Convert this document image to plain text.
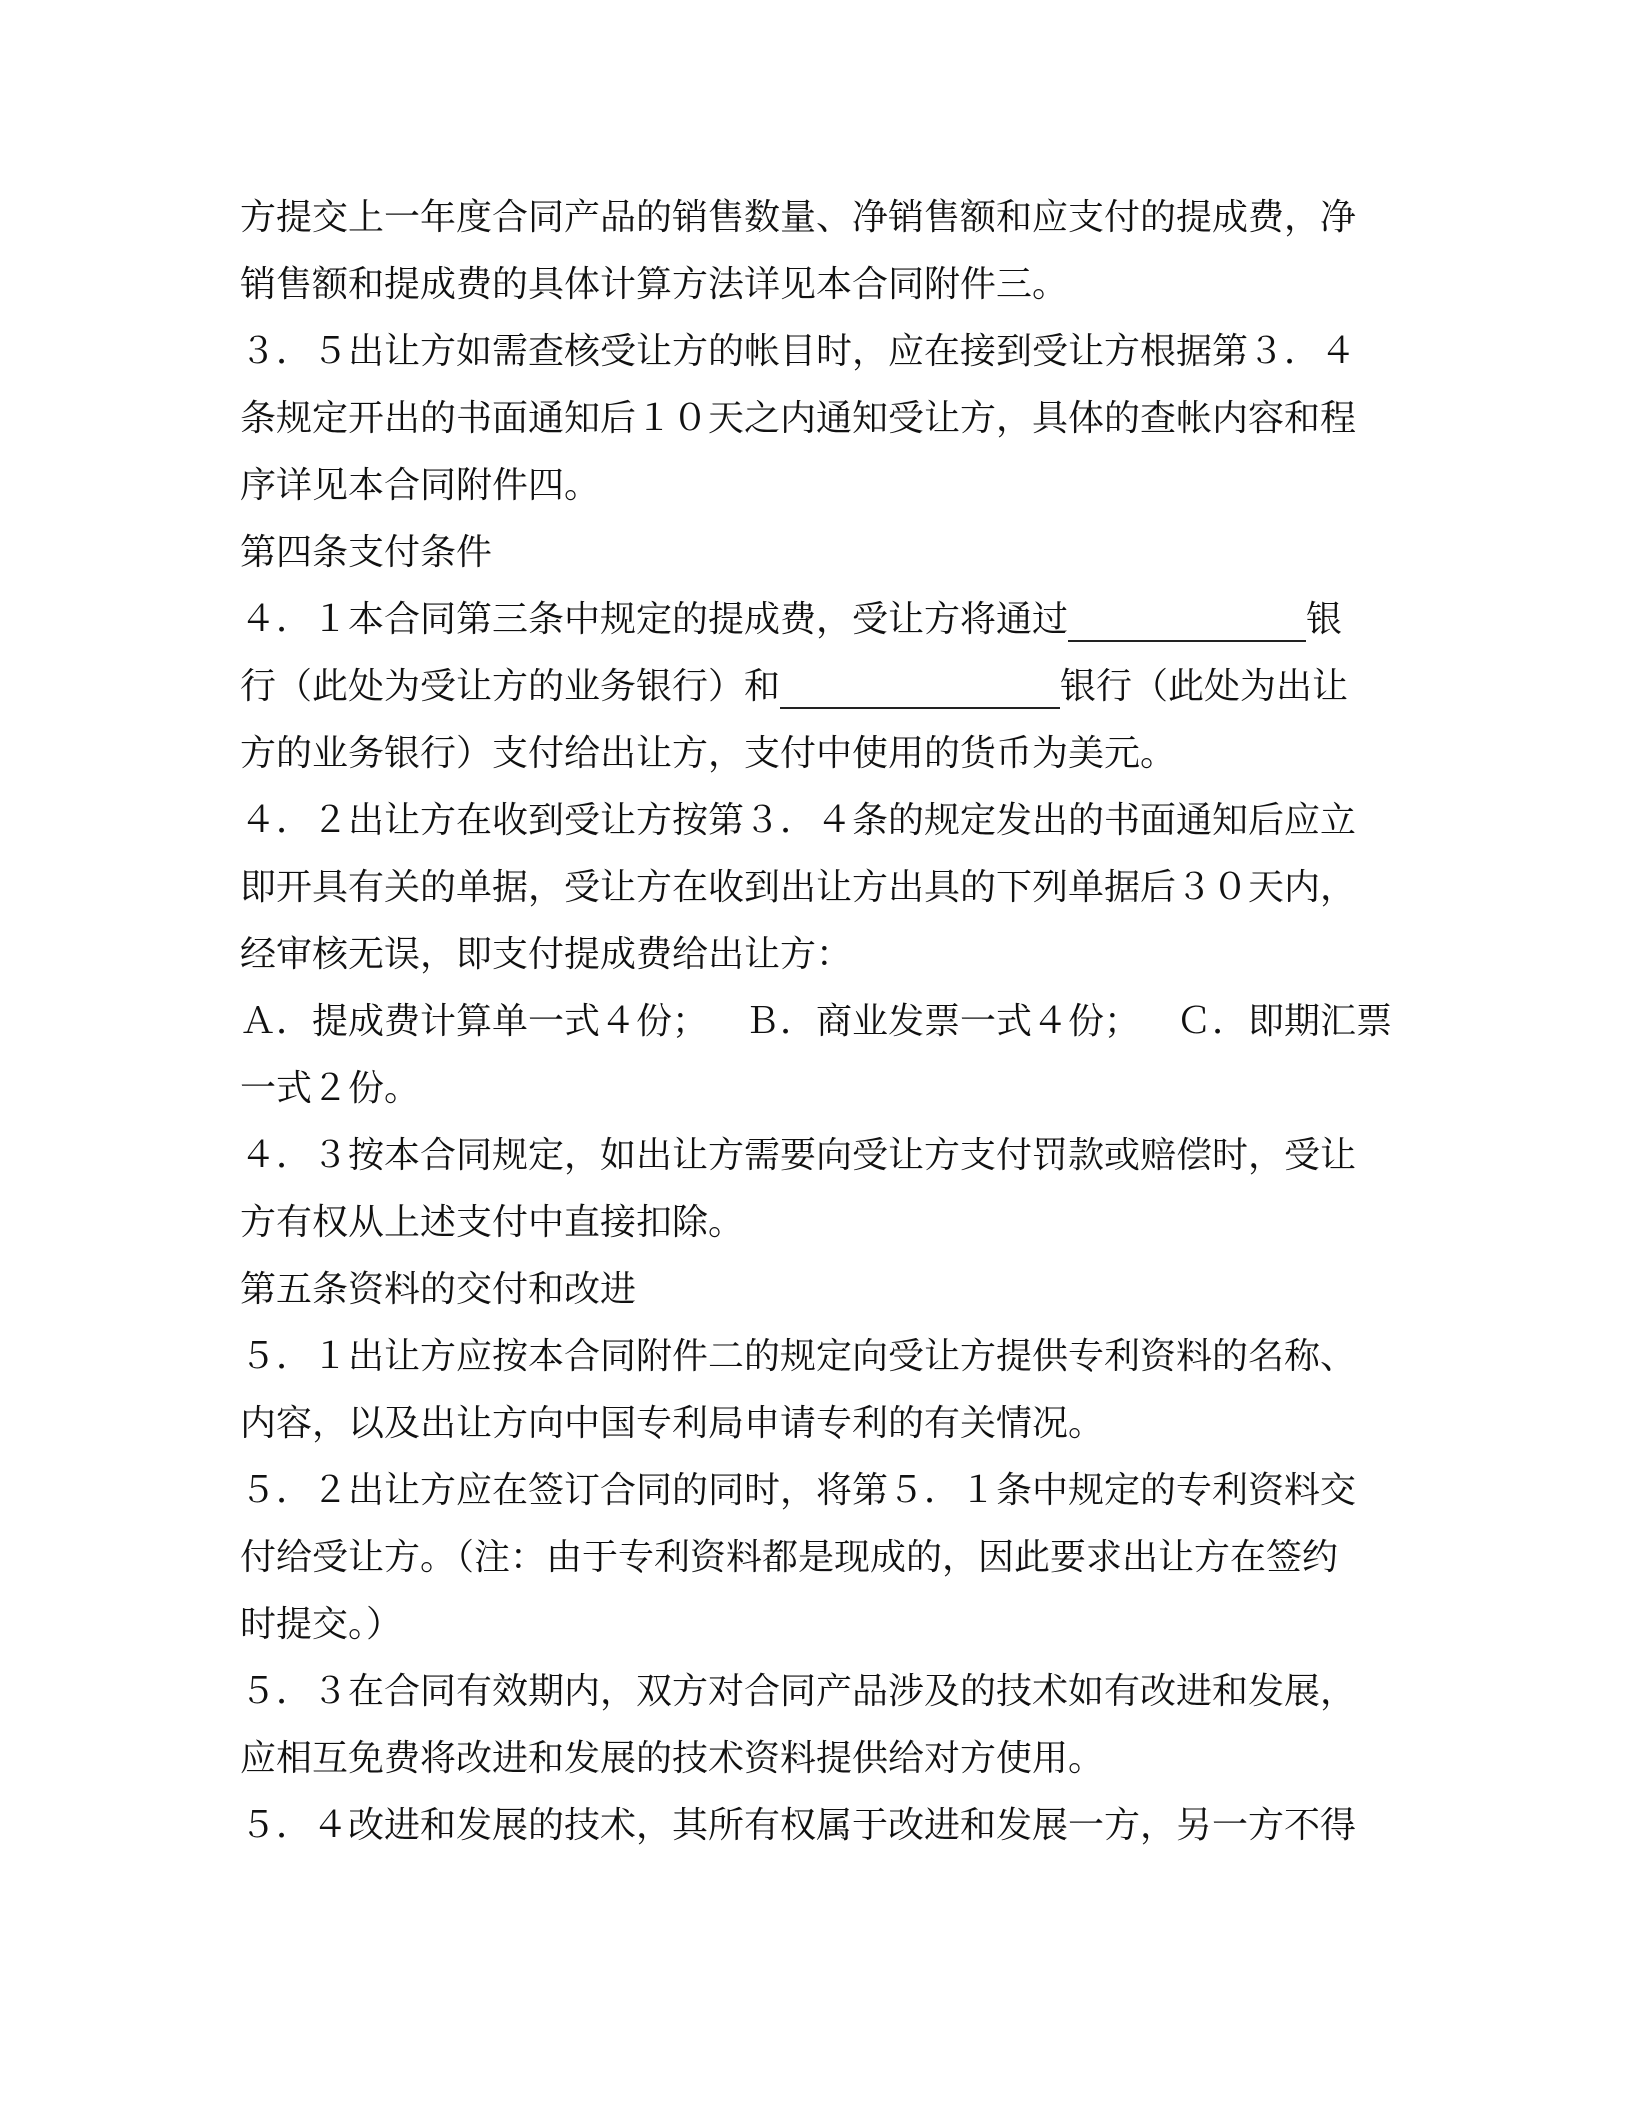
方提交上一年度合同产品的销售数量、净销售额和应支付的提成费，净
销售额和提成费的具体计算方法详见本合同附件三。
３．５出让方如需查核受让方的帐目时，应在接到受让方根据第３．４
条规定开出的书面通知后１０天之内通知受让方，具体的查帐内容和程
序详见本合同附件四。
第四条支付条件
４．１本合同第三条中规定的提成费，受让方将通过	银
行（此处为受让方的业务银行）和	银行（此处为出让
方的业务银行）支付给出让方，支付中使用的货币为美元。
４．２出让方在收到受让方按第３．４条的规定发出的书面通知后应立
即开具有关的单据，受让方在收到出让方出具的下列单据后３０天内，
经审核无误，即支付提成费给出让方：
Ａ．提成费计算单一式４份； Ｂ．商业发票一式４份； Ｃ．即期汇票
一式２份。
４．３按本合同规定，如出让方需要向受让方支付罚款或赔偿时，受让
方有权从上述支付中直接扣除。
第五条资料的交付和改进
５．１出让方应按本合同附件二的规定向受让方提供专利资料的名称、
内容，以及出让方向中国专利局申请专利的有关情况。
５．２出让方应在签订合同的同时，将第５．１条中规定的专利资料交
付给受让方。（注：由于专利资料都是现成的，因此要求出让方在签约
时提交。）
５．３在合同有效期内，双方对合同产品涉及的技术如有改进和发展，
应相互免费将改进和发展的技术资料提供给对方使用。
５．４改进和发展的技术，其所有权属于改进和发展一方，另一方不得
